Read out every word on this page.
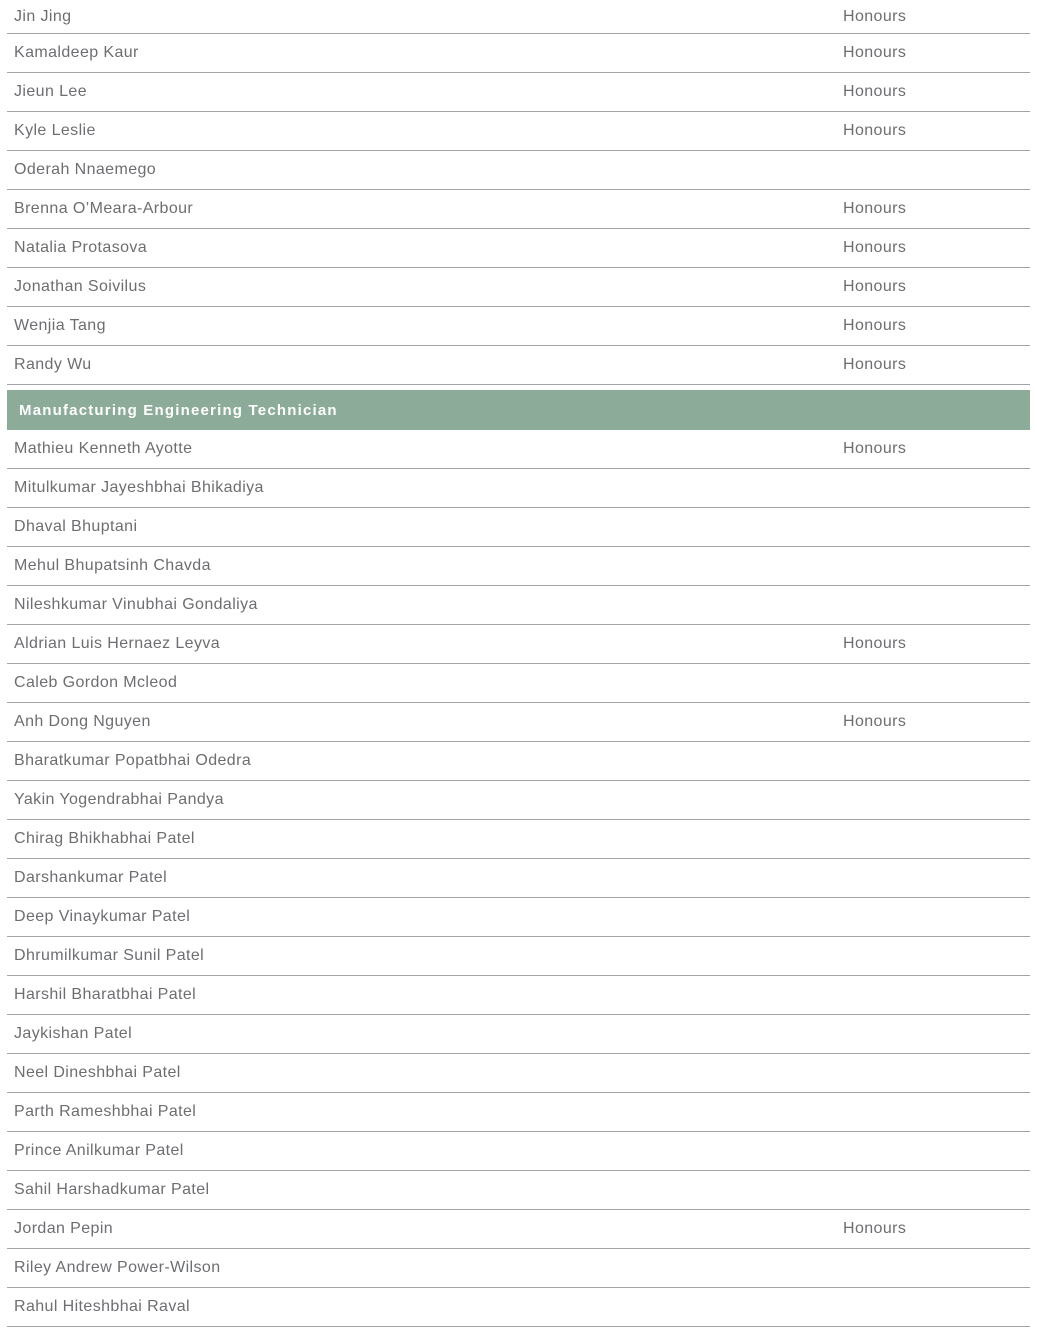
Jin Jing	Honours
Kamaldeep Kaur	Honours
Jieun Lee	Honours
Kyle Leslie	Honours
Oderah Nnaemego
Brenna O’Meara-Arbour	Honours
Natalia Protasova	Honours
Jonathan Soivilus	Honours
Wenjia Tang	Honours
Randy Wu	Honours
Manufacturing Engineering Technician
Mathieu Kenneth Ayotte	Honours
Mitulkumar Jayeshbhai Bhikadiya
Dhaval Bhuptani
Mehul Bhupatsinh Chavda
Nileshkumar Vinubhai Gondaliya
Aldrian Luis Hernaez Leyva	Honours
Caleb Gordon Mcleod
Anh Dong Nguyen	Honours
Bharatkumar Popatbhai Odedra
Yakin Yogendrabhai Pandya
Chirag Bhikhabhai Patel
Darshankumar Patel
Deep Vinaykumar Patel
Dhrumilkumar Sunil Patel
Harshil Bharatbhai Patel
Jaykishan Patel
Neel Dineshbhai Patel
Parth Rameshbhai Patel
Prince Anilkumar Patel
Sahil Harshadkumar Patel
Jordan Pepin	Honours
Riley Andrew Power-Wilson
Rahul Hiteshbhai Raval
